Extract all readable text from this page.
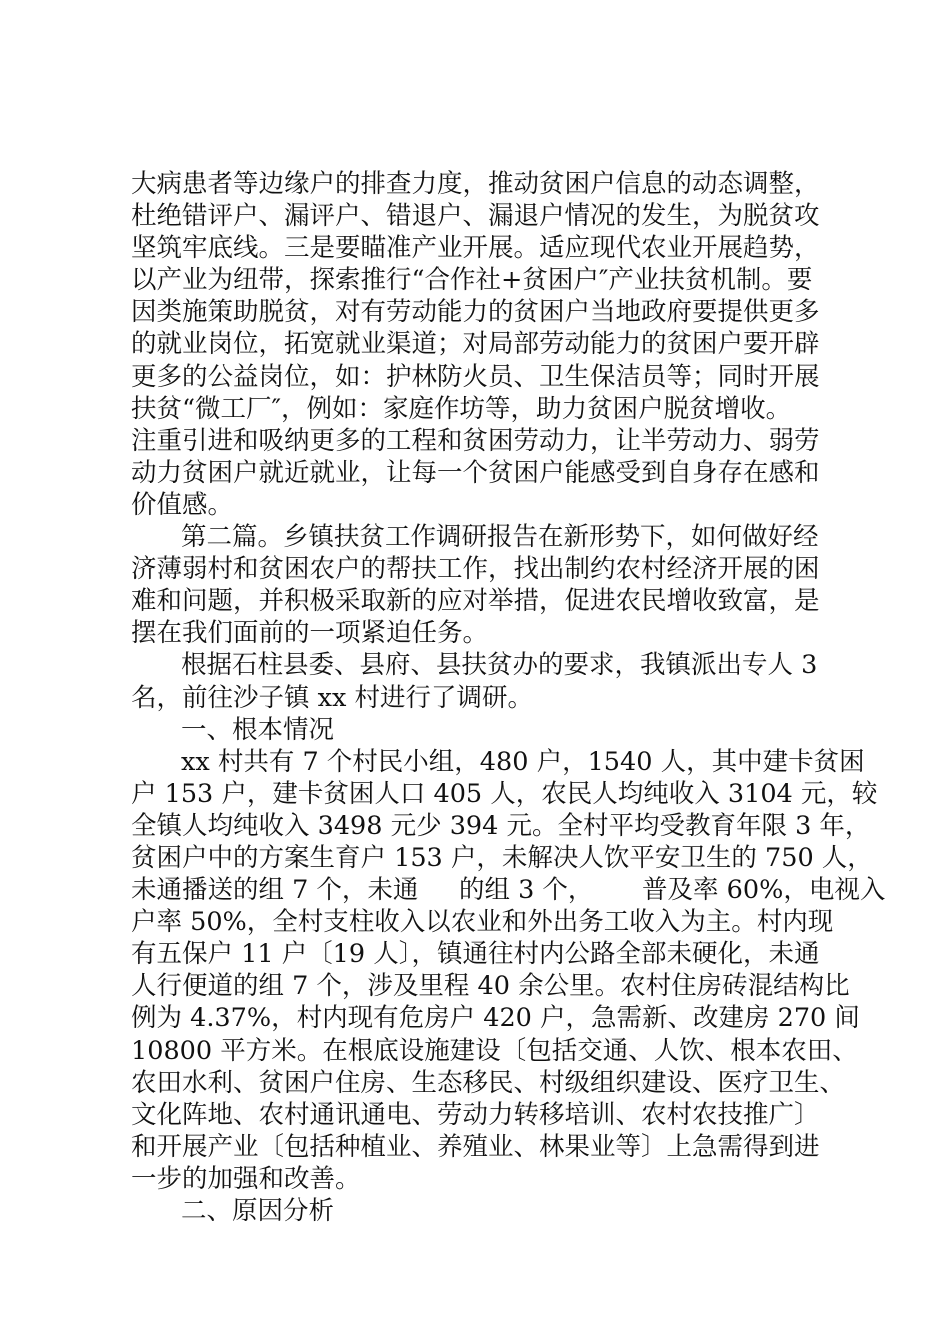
大病患者等边缘户的排查力度，推动贫困户信息的动态调整，
杜绝错评户、漏评户、错退户、漏退户情况的发生，为脱贫攻
坚筑牢底线。三是要瞄准产业开展。适应现代农业开展趋势，
以产业为纽带，探索推行“合作社+贫困户″产业扶贫机制。要
因类施策助脱贫，对有劳动能力的贫困户当地政府要提供更多
的就业岗位，拓宽就业渠道；对局部劳动能力的贫困户要开辟
更多的公益岗位，如：护林防火员、卫生保洁员等；同时开展
扶贫“微工厂″，例如：家庭作坊等，助力贫困户脱贫增收。
注重引进和吸纳更多的工程和贫困劳动力，让半劳动力、弱劳
动力贫困户就近就业，让每一个贫困户能感受到自身存在感和
价值感。
第二篇。乡镇扶贫工作调研报告在新形势下，如何做好经
济薄弱村和贫困农户的帮扶工作，找出制约农村经济开展的困
难和问题，并积极采取新的应对举措，促进农民增收致富，是
摆在我们面前的一项紧迫任务。
根据石柱县委、县府、县扶贫办的要求，我镇派出专人 3
名，前往沙子镇 xx 村进行了调研。
一、根本情况
xx 村共有 7 个村民小组，480 户，1540 人，其中建卡贫困
户 153 户，建卡贫困人口 405 人，农民人均纯收入 3104 元，较
全镇人均纯收入 3498 元少 394 元。全村平均受教育年限 3 年，
贫困户中的方案生育户 153 户，未解决人饮平安卫生的 750 人，
未通播送的组 7 个，未通     的组 3 个，      普及率 60%，电视入
户率 50%，全村支柱收入以农业和外出务工收入为主。村内现
有五保户 11 户〔19 人〕，镇通往村内公路全部未硬化，未通
人行便道的组 7 个，涉及里程 40 余公里。农村住房砖混结构比
例为 4.37%，村内现有危房户 420 户，急需新、改建房 270 间
10800 平方米。在根底设施建设〔包括交通、人饮、根本农田、
农田水利、贫困户住房、生态移民、村级组织建设、医疗卫生、
文化阵地、农村通讯通电、劳动力转移培训、农村农技推广〕
和开展产业〔包括种植业、养殖业、林果业等〕上急需得到进
一步的加强和改善。
二、原因分析
